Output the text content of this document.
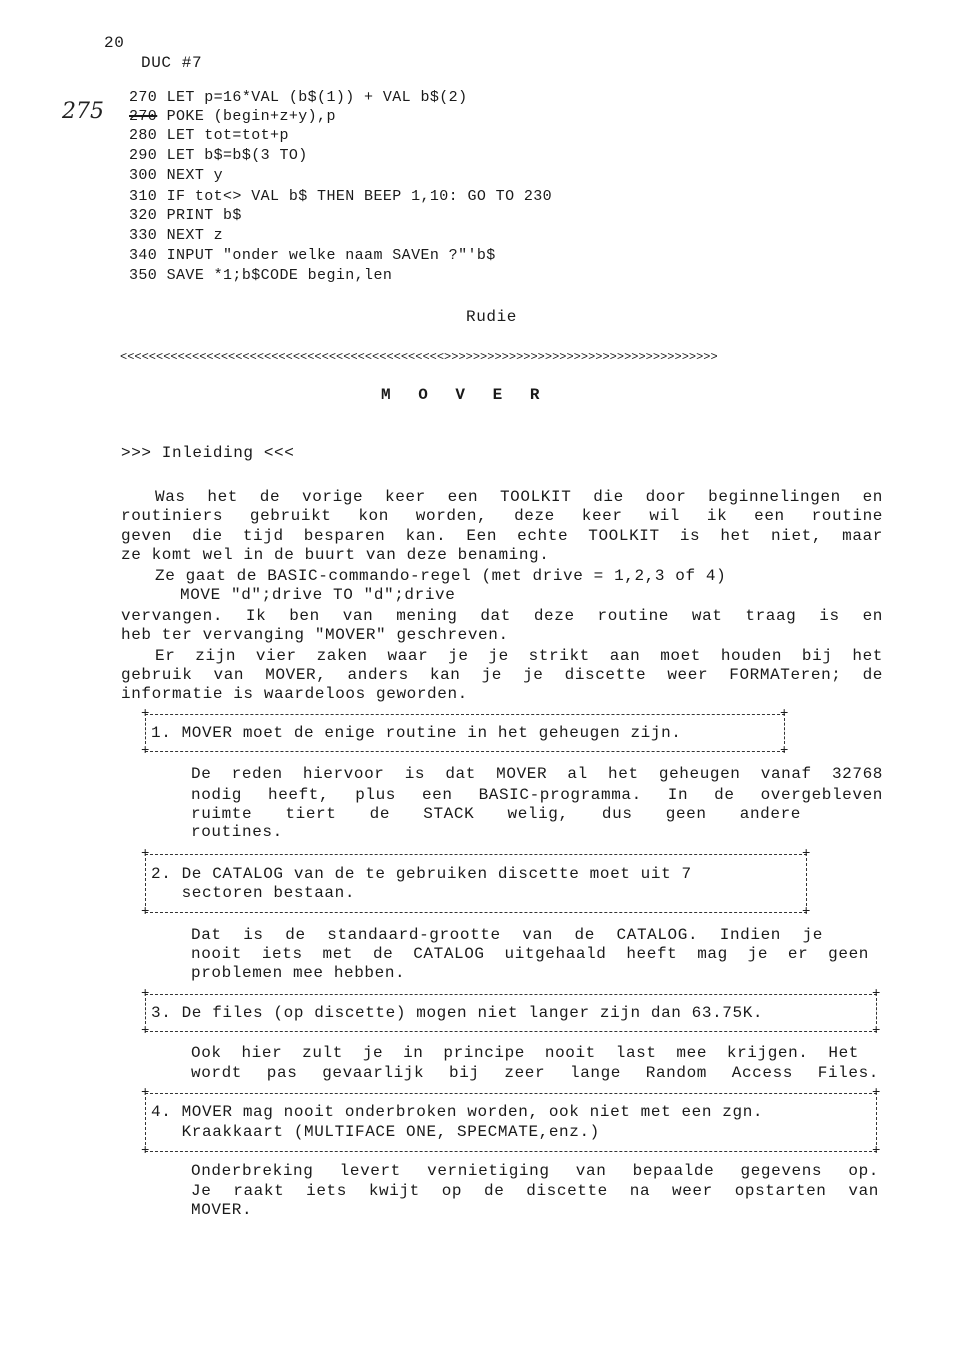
20
DUC #7
270 LET p=16*VAL (b$(1)) + VAL b$(2)
275 270 POKE (begin+z+y),p
280 LET tot=tot+p
290 LET b$=b$(3 TO)
300 NEXT y
310 IF tot<> VAL b$ THEN BEEP 1,10: GO TO 230
320 PRINT b$
330 NEXT z
340 INPUT "onder welke naam SAVEn ?"'b$
350 SAVE *1;b$CODE begin,len
Rudie
<<<<<<<<<<<<<<<<<<<<<<<<<<<<<<<<<<<<<<<<<<<<<>>>>>>>>>>>>>>>>>>>>>>>>>>>>>>>>>>>>>>
M O V E R
>>> Inleiding <<<
Was het de vorige keer een TOOLKIT die door beginnelingen en
routiniers gebruikt kon worden, deze keer wil ik een routine
geven die tijd besparen kan. Een echte TOOLKIT is het niet, maar
ze komt wel in de buurt van deze benaming.
Ze gaat de BASIC-commando-regel (met drive = 1,2,3 of 4)
MOVE "d";drive TO "d";drive
vervangen. Ik ben van mening dat deze routine wat traag is en
heb ter vervanging "MOVER" geschreven.
Er zijn vier zaken waar je je strikt aan moet houden bij het
gebruik van MOVER, anders kan je je discette weer FORMATeren; de
informatie is waardeloos geworden.
+	+
+	+
1. MOVER moet de enige routine in het geheugen zijn.
De reden hiervoor is dat MOVER al het geheugen vanaf 32768
nodig heeft, plus een BASIC-programma. In de overgebleven
ruimte tiert de STACK welig, dus geen andere
routines.
+	+
+	+
2. De CATALOG van de te gebruiken discette moet uit 7
sectoren bestaan.
Dat is de standaard-grootte van de CATALOG. Indien je
nooit iets met de CATALOG uitgehaald heeft mag je er geen
problemen mee hebben.
+	+
+	+
3. De files (op discette) mogen niet langer zijn dan 63.75K.
Ook hier zult je in principe nooit last mee krijgen. Het
wordt pas gevaarlijk bij zeer lange Random Access Files.
+	+
+	+
4. MOVER mag nooit onderbroken worden, ook niet met een zgn.
Kraakkaart (MULTIFACE ONE, SPECMATE,enz.)
Onderbreking levert vernietiging van bepaalde gegevens op.
Je raakt iets kwijt op de discette na weer opstarten van
MOVER.
